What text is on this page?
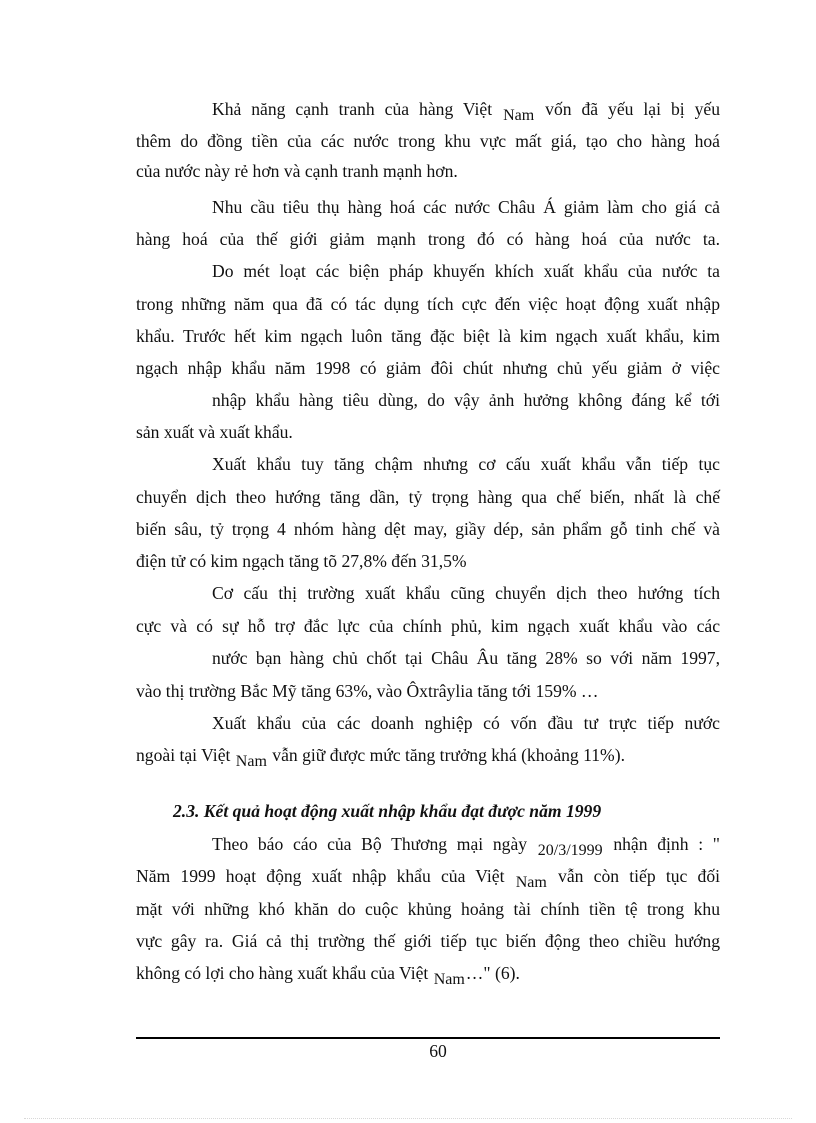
Khả năng cạnh tranh của hàng Việt Nam vốn đã yếu lại bị yếu
thêm do đồng tiền của các nước trong khu vực mất giá, tạo cho hàng hoá
của nước này rẻ hơn và cạnh tranh mạnh hơn.
Nhu cầu tiêu thụ hàng hoá các nước Châu Á giảm làm cho giá cả
hàng hoá của thế giới giảm mạnh trong đó có hàng hoá của nước ta.
Do mét loạt các biện pháp khuyến khích xuất khẩu của nước ta
trong những năm qua đã có tác dụng tích cực đến việc hoạt động xuất nhập
khẩu. Trước hết kim ngạch luôn tăng đặc biệt là kim ngạch xuất khẩu, kim
ngạch nhập khẩu năm 1998 có giảm đôi chút nhưng chủ yếu giảm ở việc
nhập khẩu hàng tiêu dùng, do vậy ảnh hưởng không đáng kể tới
sản xuất và xuất khẩu.
Xuất khẩu tuy tăng chậm nhưng cơ cấu xuất khẩu vẫn tiếp tục
chuyển dịch theo hướng tăng dần, tỷ trọng hàng qua chế biến, nhất là chế
biến sâu, tỷ trọng 4 nhóm hàng dệt may, giầy dép, sản phẩm gỗ tinh chế và
điện tử có kim ngạch tăng tõ 27,8% đến 31,5%
Cơ cấu thị trường xuất khẩu cũng chuyển dịch theo hướng tích
cực và có sự hỗ trợ đắc lực của chính phủ, kim ngạch xuất khẩu vào các
nước bạn hàng chủ chốt tại Châu Âu tăng 28% so với năm 1997,
vào thị trường Bắc Mỹ tăng 63%, vào Ôxtrâylia tăng tới 159% …
Xuất khẩu của các doanh nghiệp có vốn đầu tư trực tiếp nước
ngoài tại Việt Nam vẫn giữ được mức tăng trưởng khá (khoảng 11%).
2.3. Kết quả hoạt động xuất nhập khẩu đạt được năm 1999
Theo báo cáo của Bộ Thương mại ngày 20/3/1999 nhận định : "
Năm 1999 hoạt động xuất nhập khẩu của Việt Nam vẫn còn tiếp tục đối
mặt với những khó khăn do cuộc khủng hoảng tài chính tiền tệ trong khu
vực gây ra. Giá cả thị trường thế giới tiếp tục biến động theo chiều hướng
không có lợi cho hàng xuất khẩu của Việt Nam…" (6).
60
